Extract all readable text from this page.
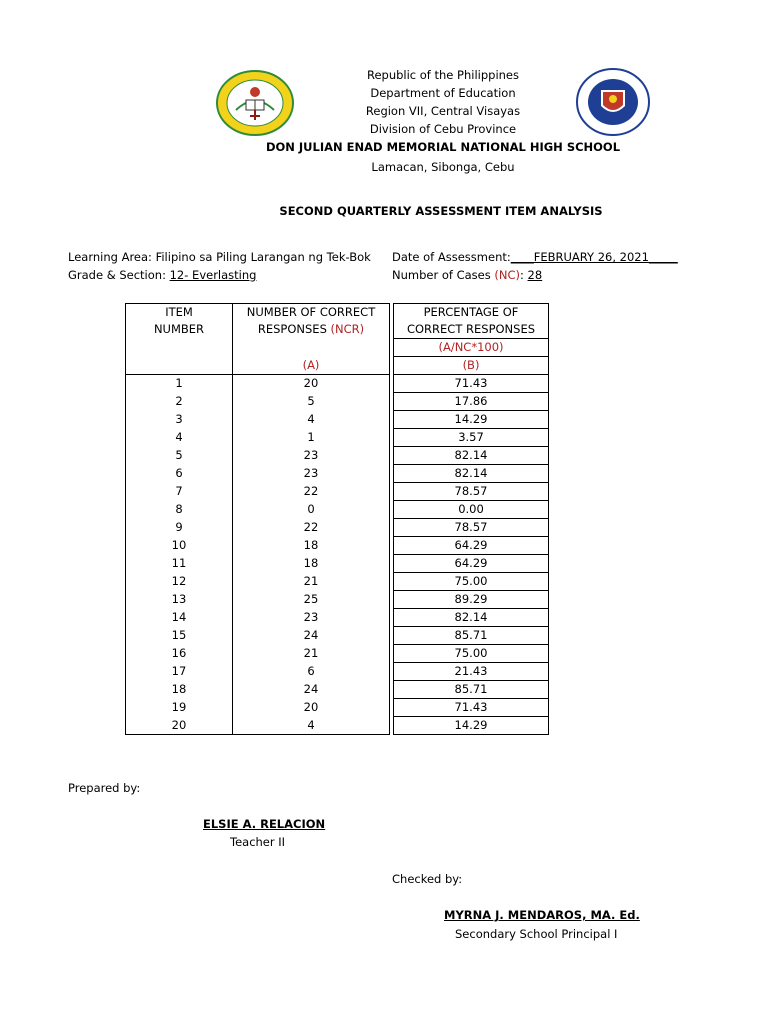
Republic of the Philippines
Department of Education
Region VII, Central Visayas
Division of Cebu Province
DON JULIAN ENAD MEMORIAL NATIONAL HIGH SCHOOL
Lamacan, Sibonga, Cebu
SECOND QUARTERLY ASSESSMENT ITEM ANALYSIS
Learning Area: Filipino sa Piling Larangan ng Tek-Bok Date of Assessment:____FEBRUARY 26, 2021_____
Grade & Section: 12- Everlasting	Number of Cases (NC): 28
ITEM	NUMBER OF CORRECT		PERCENTAGE OF
NUMBER	RESPONSES (NCR)		CORRECT RESPONSES
			(A/NC*100)
	(A)		(B)
1	20		71.43
2	5		17.86
3	4		14.29
4	1		3.57
5	23		82.14
6	23		82.14
7	22		78.57
8	0		0.00
9	22		78.57
10	18		64.29
11	18		64.29
12	21		75.00
13	25		89.29
14	23		82.14
15	24		85.71
16	21		75.00
17	6		21.43
18	24		85.71
19	20		71.43
20	4		14.29
Prepared by:
ELSIE A. RELACION
Teacher II
Checked by:
MYRNA J. MENDAROS, MA. Ed.
Secondary School Principal I
